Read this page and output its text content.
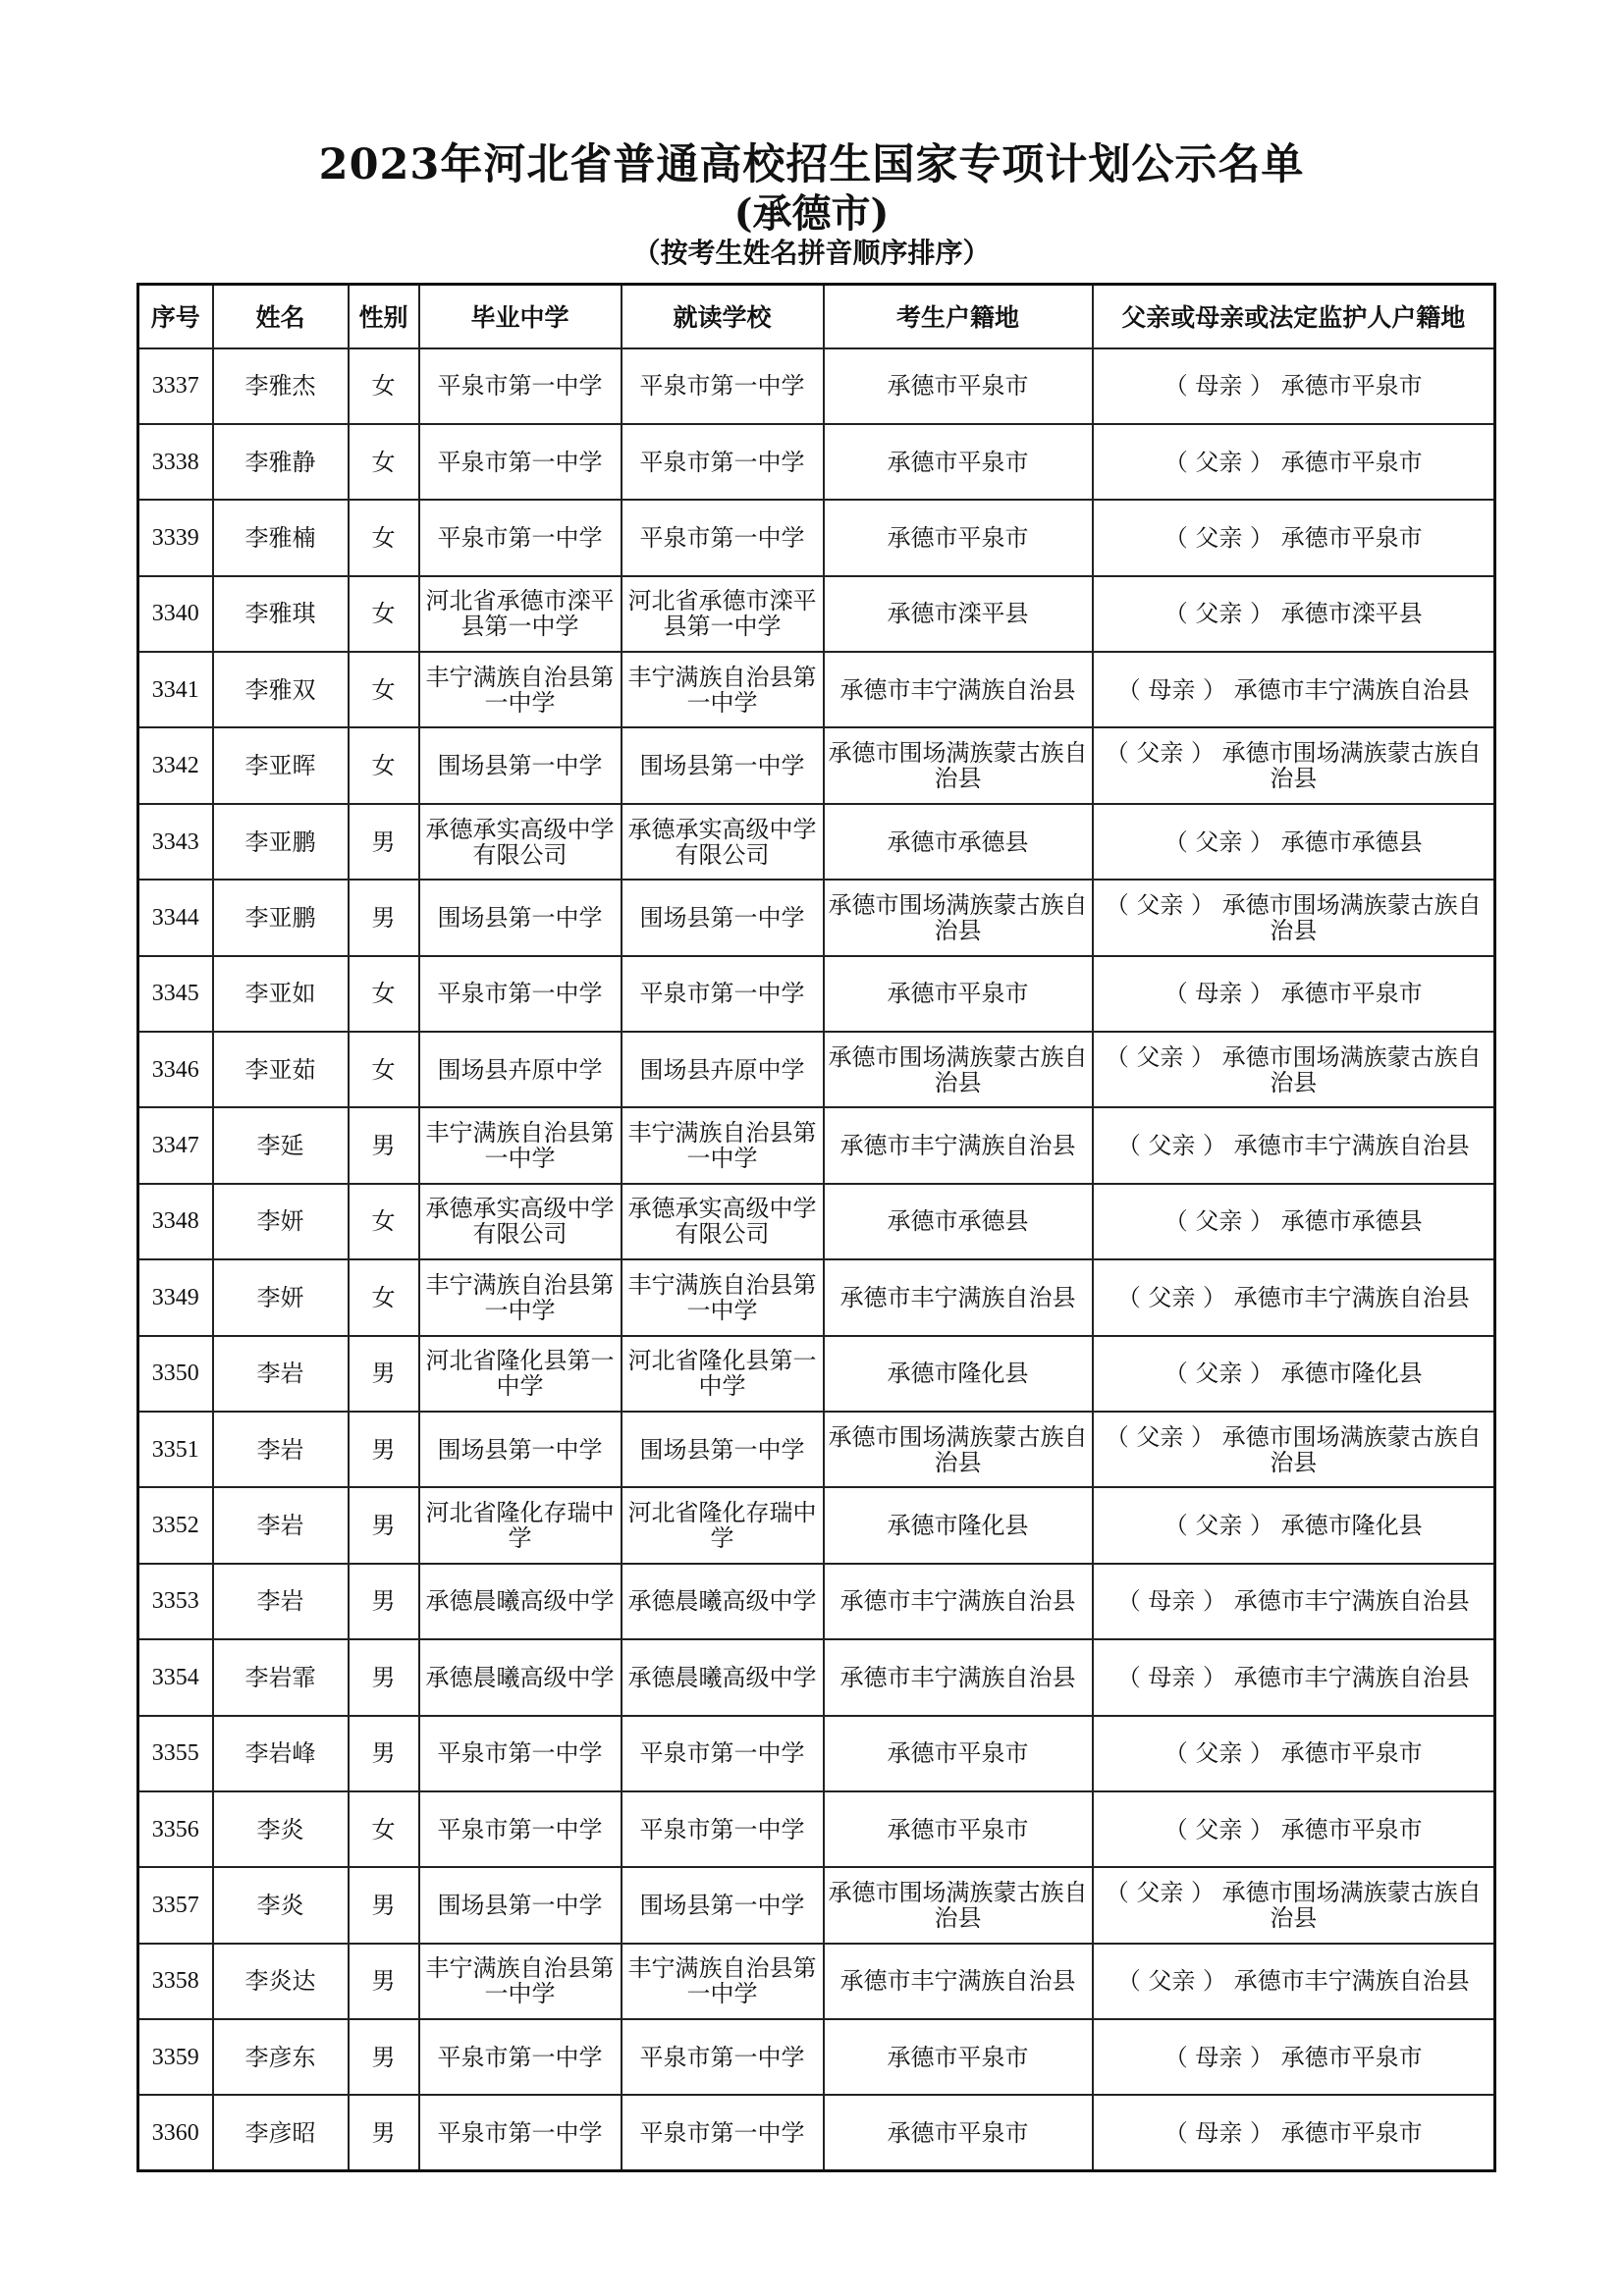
2023年河北省普通高校招生国家专项计划公示名单
(承德市)
（按考生姓名拼音顺序排序）
序号	姓名	性别	毕业中学	就读学校	考生户籍地	父亲或母亲或法定监护人户籍地
3337	李雅杰	女	平泉市第一中学	平泉市第一中学	承德市平泉市	（ 母亲 ） 承德市平泉市
3338	李雅静	女	平泉市第一中学	平泉市第一中学	承德市平泉市	（ 父亲 ） 承德市平泉市
3339	李雅楠	女	平泉市第一中学	平泉市第一中学	承德市平泉市	（ 父亲 ） 承德市平泉市
3340	李雅琪	女	河北省承德市滦平县第一中学	河北省承德市滦平县第一中学	承德市滦平县	（ 父亲 ） 承德市滦平县
3341	李雅双	女	丰宁满族自治县第一中学	丰宁满族自治县第一中学	承德市丰宁满族自治县	（ 母亲 ） 承德市丰宁满族自治县
3342	李亚晖	女	围场县第一中学	围场县第一中学	承德市围场满族蒙古族自治县	（ 父亲 ） 承德市围场满族蒙古族自治县
3343	李亚鹏	男	承德承实高级中学有限公司	承德承实高级中学有限公司	承德市承德县	（ 父亲 ） 承德市承德县
3344	李亚鹏	男	围场县第一中学	围场县第一中学	承德市围场满族蒙古族自治县	（ 父亲 ） 承德市围场满族蒙古族自治县
3345	李亚如	女	平泉市第一中学	平泉市第一中学	承德市平泉市	（ 母亲 ） 承德市平泉市
3346	李亚茹	女	围场县卉原中学	围场县卉原中学	承德市围场满族蒙古族自治县	（ 父亲 ） 承德市围场满族蒙古族自治县
3347	李延	男	丰宁满族自治县第一中学	丰宁满族自治县第一中学	承德市丰宁满族自治县	（ 父亲 ） 承德市丰宁满族自治县
3348	李妍	女	承德承实高级中学有限公司	承德承实高级中学有限公司	承德市承德县	（ 父亲 ） 承德市承德县
3349	李妍	女	丰宁满族自治县第一中学	丰宁满族自治县第一中学	承德市丰宁满族自治县	（ 父亲 ） 承德市丰宁满族自治县
3350	李岩	男	河北省隆化县第一中学	河北省隆化县第一中学	承德市隆化县	（ 父亲 ） 承德市隆化县
3351	李岩	男	围场县第一中学	围场县第一中学	承德市围场满族蒙古族自治县	（ 父亲 ） 承德市围场满族蒙古族自治县
3352	李岩	男	河北省隆化存瑞中学	河北省隆化存瑞中学	承德市隆化县	（ 父亲 ） 承德市隆化县
3353	李岩	男	承德晨曦高级中学	承德晨曦高级中学	承德市丰宁满族自治县	（ 母亲 ） 承德市丰宁满族自治县
3354	李岩霏	男	承德晨曦高级中学	承德晨曦高级中学	承德市丰宁满族自治县	（ 母亲 ） 承德市丰宁满族自治县
3355	李岩峰	男	平泉市第一中学	平泉市第一中学	承德市平泉市	（ 父亲 ） 承德市平泉市
3356	李炎	女	平泉市第一中学	平泉市第一中学	承德市平泉市	（ 父亲 ） 承德市平泉市
3357	李炎	男	围场县第一中学	围场县第一中学	承德市围场满族蒙古族自治县	（ 父亲 ） 承德市围场满族蒙古族自治县
3358	李炎达	男	丰宁满族自治县第一中学	丰宁满族自治县第一中学	承德市丰宁满族自治县	（ 父亲 ） 承德市丰宁满族自治县
3359	李彦东	男	平泉市第一中学	平泉市第一中学	承德市平泉市	（ 母亲 ） 承德市平泉市
3360	李彦昭	男	平泉市第一中学	平泉市第一中学	承德市平泉市	（ 母亲 ） 承德市平泉市
